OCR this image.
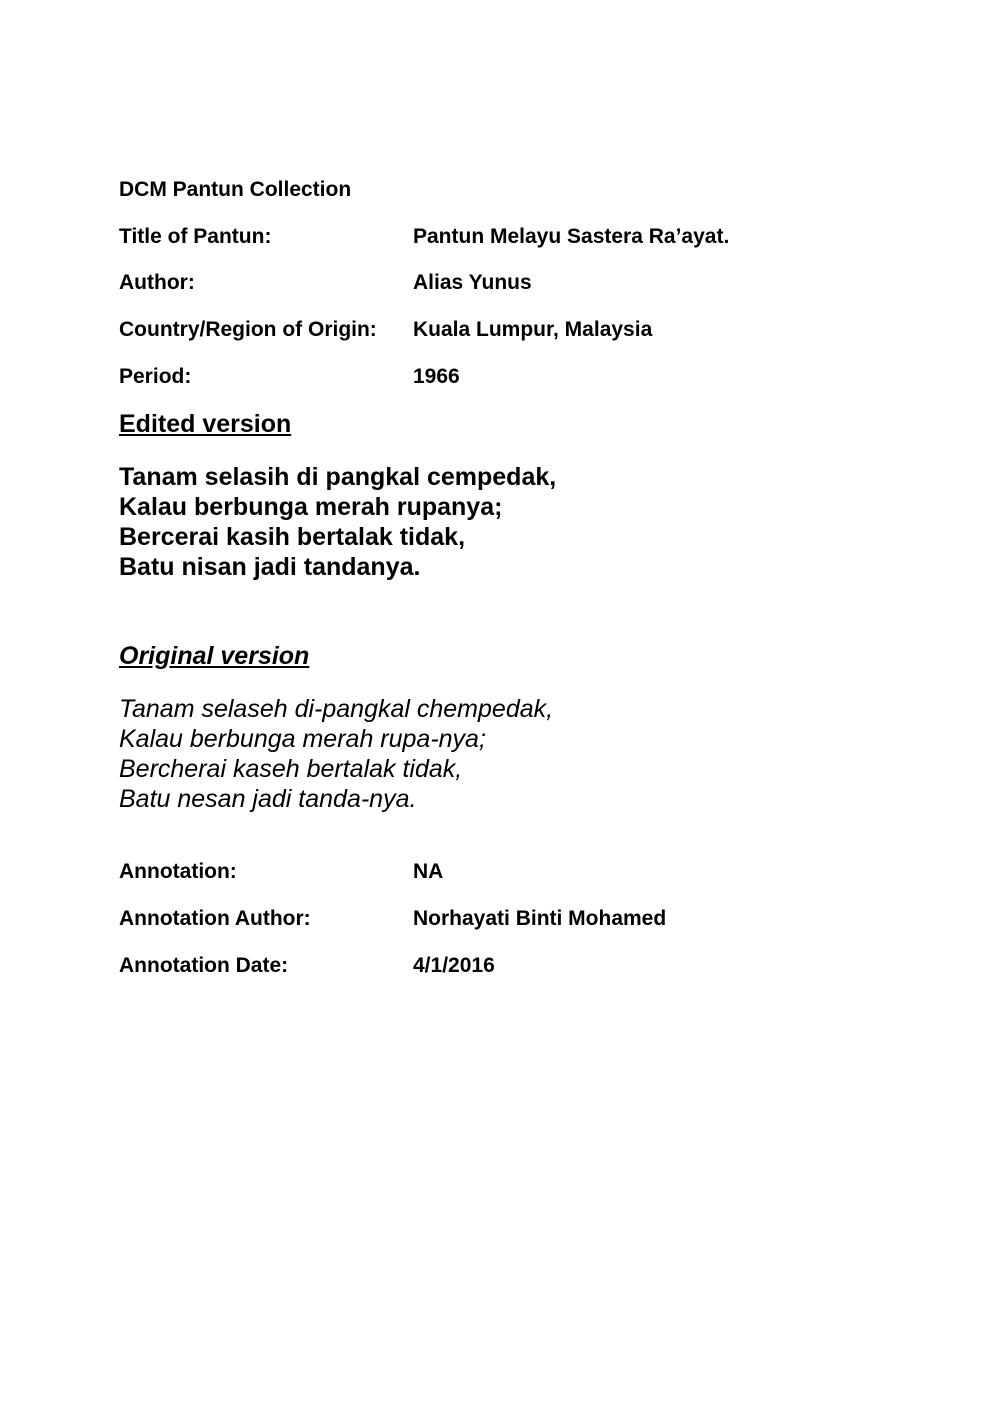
DCM Pantun Collection
Title of Pantun:	Pantun Melayu Sastera Ra’ayat.
Author:	Alias Yunus
Country/Region of Origin: Kuala Lumpur, Malaysia
Period:	1966
Edited version
Tanam selasih di pangkal cempedak,
Kalau berbunga merah rupanya;
Bercerai kasih bertalak tidak,
Batu nisan jadi tandanya.
Original version
Tanam selaseh di-pangkal chempedak,
Kalau berbunga merah rupa-nya;
Bercherai kaseh bertalak tidak,
Batu nesan jadi tanda-nya.
Annotation:	NA
Annotation Author:	Norhayati Binti Mohamed
Annotation Date:	4/1/2016
